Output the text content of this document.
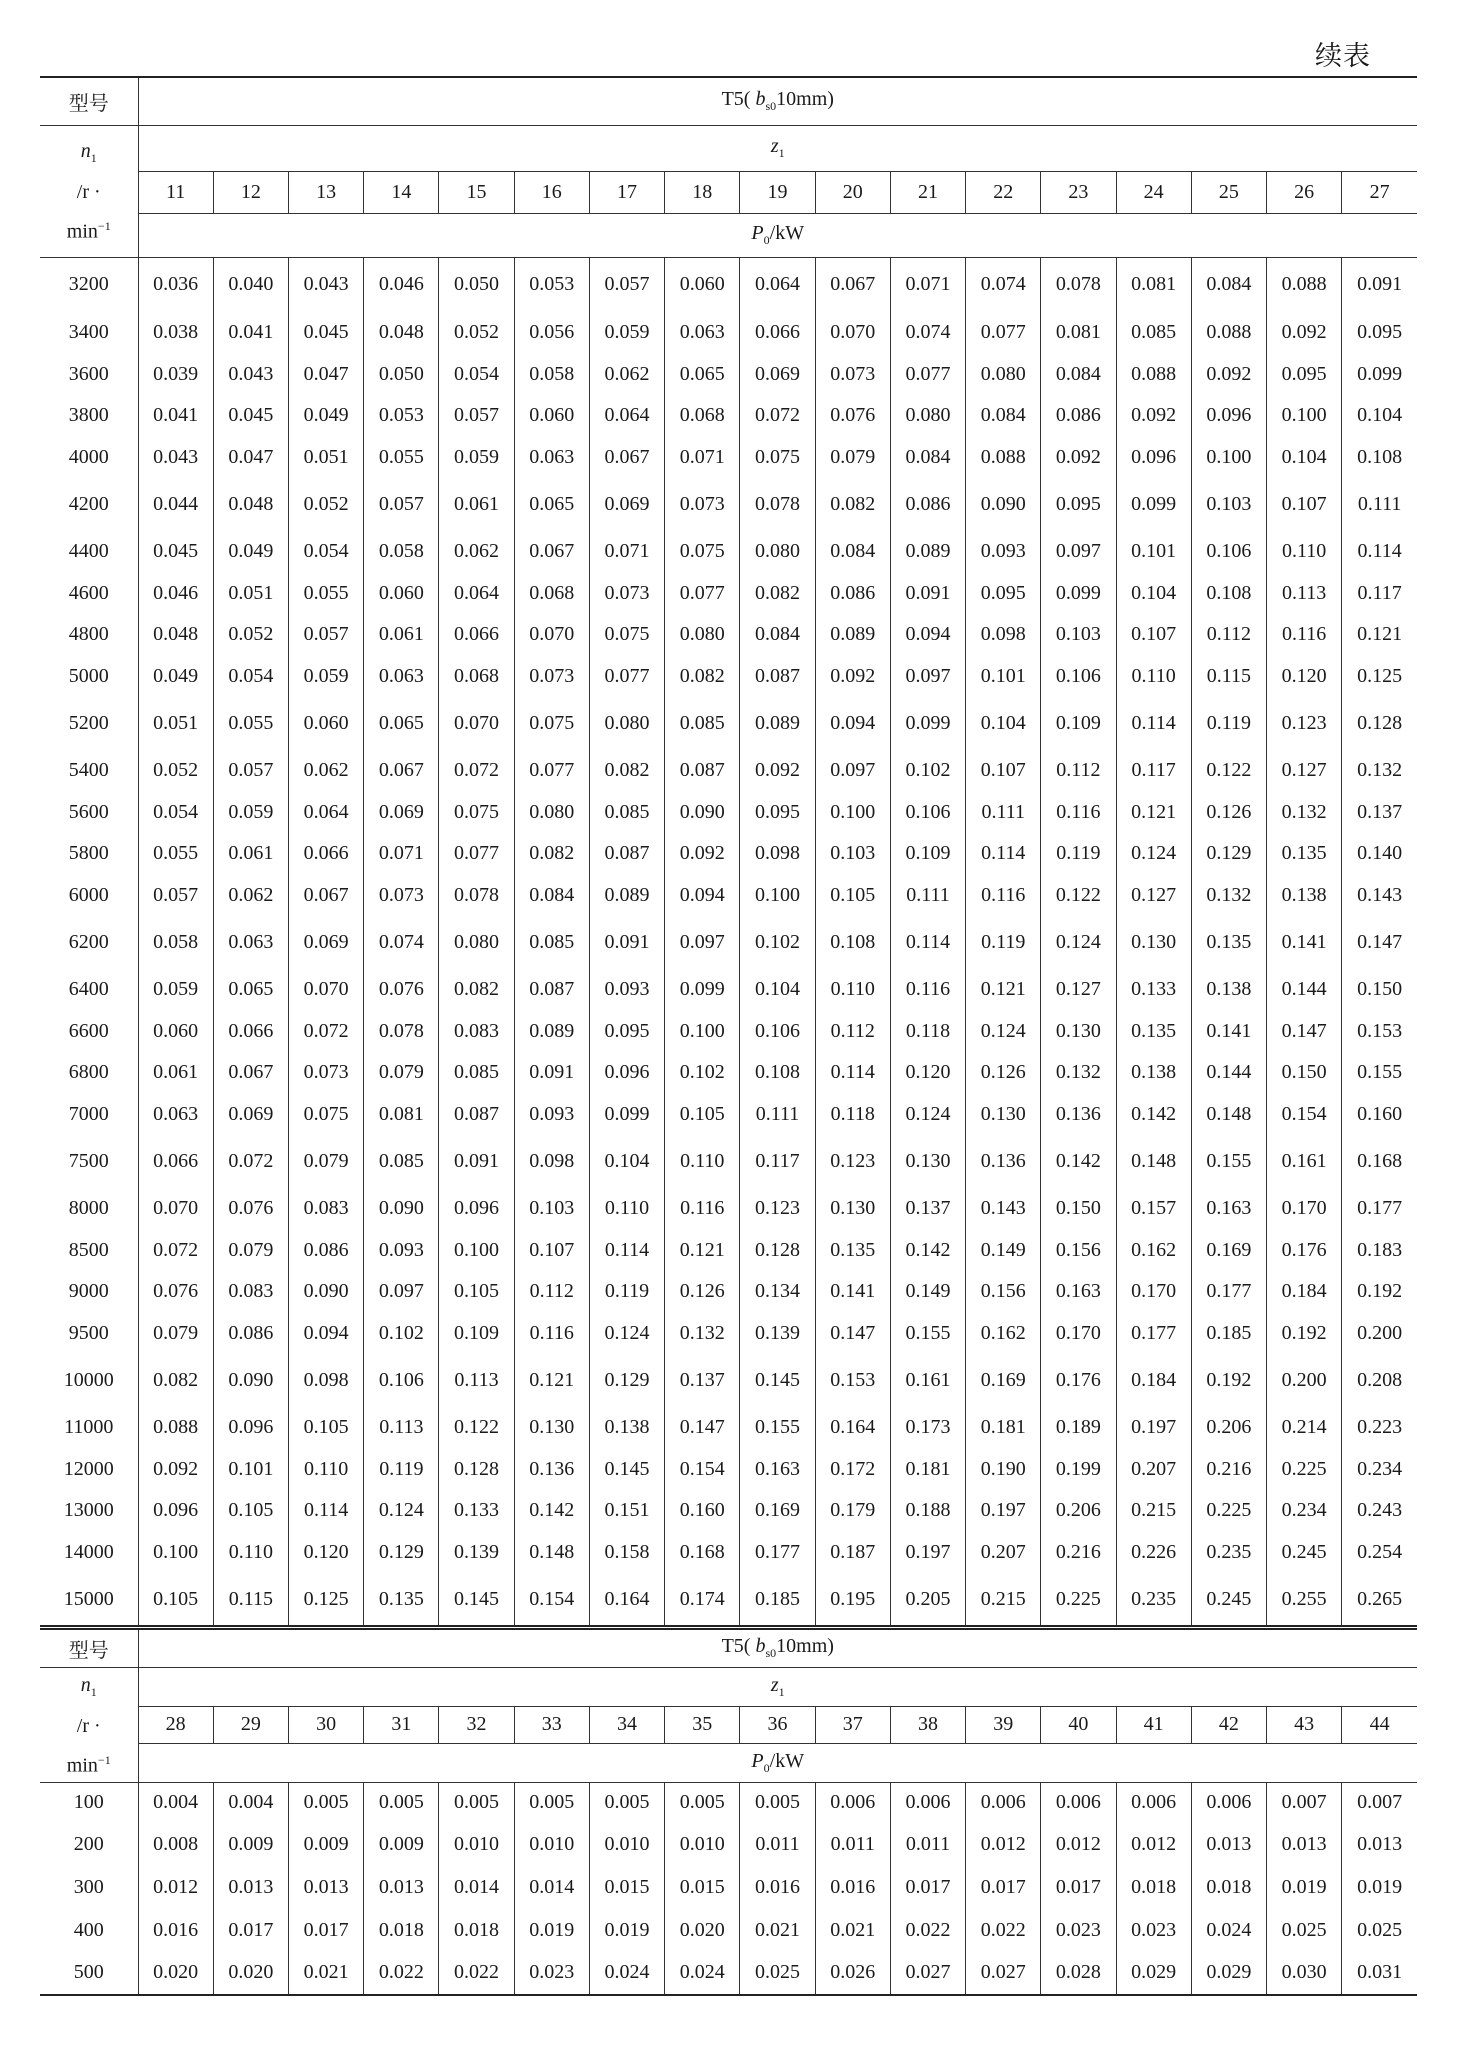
续表
型号	T5( $b_{s0}10mm$)																

$n_1$
/r ·
$\min^{-1}$	$z_1$
	11	12	13	14	15	16	17	18	19	20	21	22	23	24	25	26	27
	$P_0/kW$																
3200	0.036	0.040	0.043	0.046	0.050	0.053	0.057	0.060	0.064	0.067	0.071	0.074	0.078	0.081	0.084	0.088	0.091
3400	0.038	0.041	0.045	0.048	0.052	0.056	0.059	0.063	0.066	0.070	0.074	0.077	0.081	0.085	0.088	0.092	0.095
3600	0.039	0.043	0.047	0.050	0.054	0.058	0.062	0.065	0.069	0.073	0.077	0.080	0.084	0.088	0.092	0.095	0.099
3800	0.041	0.045	0.049	0.053	0.057	0.060	0.064	0.068	0.072	0.076	0.080	0.084	0.086	0.092	0.096	0.100	0.104
4000	0.043	0.047	0.051	0.055	0.059	0.063	0.067	0.071	0.075	0.079	0.084	0.088	0.092	0.096	0.100	0.104	0.108
4200	0.044	0.048	0.052	0.057	0.061	0.065	0.069	0.073	0.078	0.082	0.086	0.090	0.095	0.099	0.103	0.107	0.111
4400	0.045	0.049	0.054	0.058	0.062	0.067	0.071	0.075	0.080	0.084	0.089	0.093	0.097	0.101	0.106	0.110	0.114
4600	0.046	0.051	0.055	0.060	0.064	0.068	0.073	0.077	0.082	0.086	0.091	0.095	0.099	0.104	0.108	0.113	0.117
4800	0.048	0.052	0.057	0.061	0.066	0.070	0.075	0.080	0.084	0.089	0.094	0.098	0.103	0.107	0.112	0.116	0.121
5000	0.049	0.054	0.059	0.063	0.068	0.073	0.077	0.082	0.087	0.092	0.097	0.101	0.106	0.110	0.115	0.120	0.125
5200	0.051	0.055	0.060	0.065	0.070	0.075	0.080	0.085	0.089	0.094	0.099	0.104	0.109	0.114	0.119	0.123	0.128
5400	0.052	0.057	0.062	0.067	0.072	0.077	0.082	0.087	0.092	0.097	0.102	0.107	0.112	0.117	0.122	0.127	0.132
5600	0.054	0.059	0.064	0.069	0.075	0.080	0.085	0.090	0.095	0.100	0.106	0.111	0.116	0.121	0.126	0.132	0.137
5800	0.055	0.061	0.066	0.071	0.077	0.082	0.087	0.092	0.098	0.103	0.109	0.114	0.119	0.124	0.129	0.135	0.140
6000	0.057	0.062	0.067	0.073	0.078	0.084	0.089	0.094	0.100	0.105	0.111	0.116	0.122	0.127	0.132	0.138	0.143
6200	0.058	0.063	0.069	0.074	0.080	0.085	0.091	0.097	0.102	0.108	0.114	0.119	0.124	0.130	0.135	0.141	0.147
6400	0.059	0.065	0.070	0.076	0.082	0.087	0.093	0.099	0.104	0.110	0.116	0.121	0.127	0.133	0.138	0.144	0.150
6600	0.060	0.066	0.072	0.078	0.083	0.089	0.095	0.100	0.106	0.112	0.118	0.124	0.130	0.135	0.141	0.147	0.153
6800	0.061	0.067	0.073	0.079	0.085	0.091	0.096	0.102	0.108	0.114	0.120	0.126	0.132	0.138	0.144	0.150	0.155
7000	0.063	0.069	0.075	0.081	0.087	0.093	0.099	0.105	0.111	0.118	0.124	0.130	0.136	0.142	0.148	0.154	0.160
7500	0.066	0.072	0.079	0.085	0.091	0.098	0.104	0.110	0.117	0.123	0.130	0.136	0.142	0.148	0.155	0.161	0.168
8000	0.070	0.076	0.083	0.090	0.096	0.103	0.110	0.116	0.123	0.130	0.137	0.143	0.150	0.157	0.163	0.170	0.177
8500	0.072	0.079	0.086	0.093	0.100	0.107	0.114	0.121	0.128	0.135	0.142	0.149	0.156	0.162	0.169	0.176	0.183
9000	0.076	0.083	0.090	0.097	0.105	0.112	0.119	0.126	0.134	0.141	0.149	0.156	0.163	0.170	0.177	0.184	0.192
9500	0.079	0.086	0.094	0.102	0.109	0.116	0.124	0.132	0.139	0.147	0.155	0.162	0.170	0.177	0.185	0.192	0.200
10000	0.082	0.090	0.098	0.106	0.113	0.121	0.129	0.137	0.145	0.153	0.161	0.169	0.176	0.184	0.192	0.200	0.208
11000	0.088	0.096	0.105	0.113	0.122	0.130	0.138	0.147	0.155	0.164	0.173	0.181	0.189	0.197	0.206	0.214	0.223
12000	0.092	0.101	0.110	0.119	0.128	0.136	0.145	0.154	0.163	0.172	0.181	0.190	0.199	0.207	0.216	0.225	0.234
13000	0.096	0.105	0.114	0.124	0.133	0.142	0.151	0.160	0.169	0.179	0.188	0.197	0.206	0.215	0.225	0.234	0.243
14000	0.100	0.110	0.120	0.129	0.139	0.148	0.158	0.168	0.177	0.187	0.197	0.207	0.216	0.226	0.235	0.245	0.254
15000	0.105	0.115	0.125	0.135	0.145	0.154	0.164	0.174	0.185	0.195	0.205	0.215	0.225	0.235	0.245	0.255	0.265
型号	T5( $b_{s0}10mm$)																

$n_1$
/r ·
$\min^{-1}$	$z_1$
	28	29	30	31	32	33	34	35	36	37	38	39	40	41	42	43	44
	$P_0/kW$																
100	0.004	0.004	0.005	0.005	0.005	0.005	0.005	0.005	0.005	0.006	0.006	0.006	0.006	0.006	0.006	0.007	0.007
200	0.008	0.009	0.009	0.009	0.010	0.010	0.010	0.010	0.011	0.011	0.011	0.012	0.012	0.012	0.013	0.013	0.013
300	0.012	0.013	0.013	0.013	0.014	0.014	0.015	0.015	0.016	0.016	0.017	0.017	0.017	0.018	0.018	0.019	0.019
400	0.016	0.017	0.017	0.018	0.018	0.019	0.019	0.020	0.021	0.021	0.022	0.022	0.023	0.023	0.024	0.025	0.025
500	0.020	0.020	0.021	0.022	0.022	0.023	0.024	0.024	0.025	0.026	0.027	0.027	0.028	0.029	0.029	0.030	0.031
